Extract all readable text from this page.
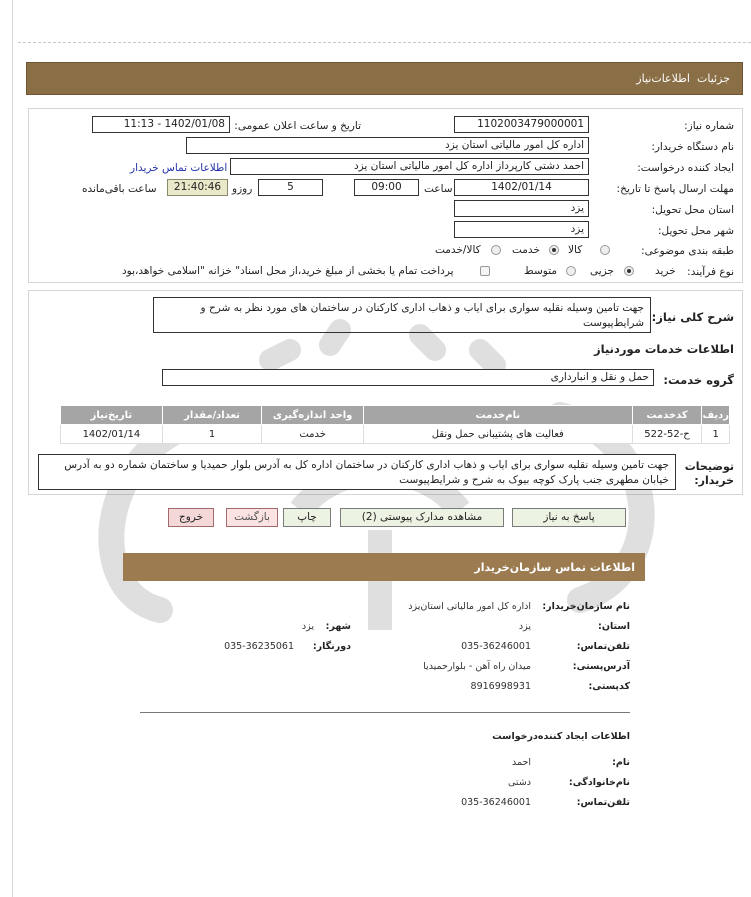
جزئیات
اطلاعات‌نیاز
شماره نیاز:
1102003479000001
تاریخ و ساعت اعلان عمومی:
1402/01/08 - 11:13
نام دستگاه خریدار:
اداره کل امور مالیاتی استان یزد
ایجاد کننده درخواست:
احمد دشتی کارپرداز اداره کل امور مالیاتی استان یزد
اطلاعات تماس خریدار
مهلت ارسال پاسخ تا تاریخ:
1402/01/14
ساعت
09:00
5
روزو
21:40:46
ساعت باقی‌مانده
استان محل تحویل:
یزد
شهر محل تحویل:
یزد
طبقه بندی موضوعی:
کالا
خدمت
کالا/خدمت
نوع فرآیند:
خرید
جزیی
متوسط
پرداخت تمام یا بخشی از مبلغ خرید،از محل اسناد" خزانه "اسلامی خواهد،بود
شرح کلی نیاز:
جهت تامین وسیله نقلیه سواری برای ایاب و ذهاب اداری کارکنان در ساختمان های مورد نظر به شرح و شرایط‌پیوست
اطلاعات خدمات موردنیاز
گروه خدمت:
حمل و نقل و انبارداری
ردیف	کدخدمت	نام‌خدمت	واحد اندازه‌گیری	تعداد/مقدار	تاریخ‌نیاز
1	ح-52-522	فعالیت های پشتیبانی حمل ونقل	خدمت	1	1402/01/14
توضیحات خریدار:
جهت تامین وسیله نقلیه سواری برای ایاب و ذهاب اداری کارکنان در ساختمان اداره کل به آدرس بلوار حمیدیا و ساختمان شماره دو به آدرس خیابان مطهری جنب پارک کوچه بیوک به شرح و شرایط‌پیوست
پاسخ به نیاز
مشاهده مدارک پیوستی (2)
چاپ
بازگشت
خروج
اطلاعات تماس سازمان‌خریدار
نام سازمان‌خریدار:
اداره کل امور مالیاتی استان‌یزد
استان:
یزد
شهر:
یزد
تلفن‌تماس:
035-36246001
دورنگار:
035-36235061
آدرس‌پستی:
میدان راه آهن - بلوارحمیدیا
کدپستی:
8916998931
اطلاعات ایجاد کننده‌درخواست
نام:
احمد
نام‌خانوادگی:
دشتی
تلفن‌تماس:
035-36246001
